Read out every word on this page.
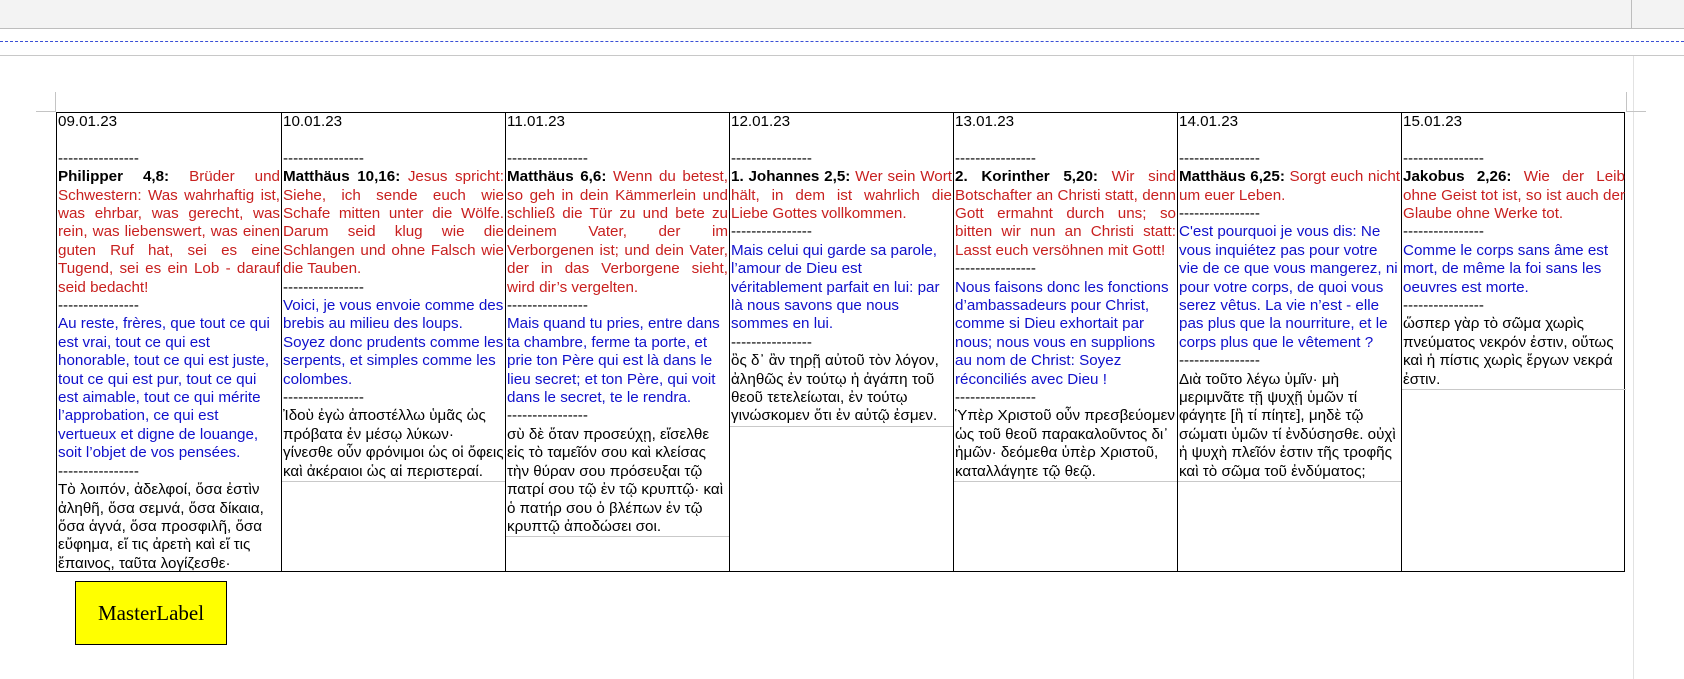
09.01.23
----------------
Philipper 4,8: Brüder und Schwestern: Was wahrhaftig ist, was ehrbar, was gerecht, was rein, was liebenswert, was einen guten Ruf hat, sei es eine Tugend, sei es ein Lob - darauf seid bedacht!
----------------
Au reste, frères, que tout ce qui est vrai, tout ce qui est honorable, tout ce qui est juste, tout ce qui est pur, tout ce qui est aimable, tout ce qui mérite l’approbation, ce qui est vertueux et digne de louange, soit l’objet de vos pensées.
----------------
Τὸ λοιπόν, ἀδελφοί, ὅσα ἐστὶν ἀληθῆ, ὅσα σεμνά, ὅσα δίκαια, ὅσα ἁγνά, ὅσα προσφιλῆ, ὅσα εὔφημα, εἴ τις ἀρετὴ καὶ εἴ τις ἔπαινος, ταῦτα λογίζεσθε·
10.01.23
----------------
Matthäus 10,16: Jesus spricht: Siehe, ich sende euch wie Schafe mitten unter die Wölfe. Darum seid klug wie die Schlangen und ohne Falsch wie die Tauben.
----------------
Voici, je vous envoie comme des brebis au milieu des loups. Soyez donc prudents comme les serpents, et simples comme les colombes.
----------------
Ἰδοὺ ἐγὼ ἀποστέλλω ὑμᾶς ὡς πρόβατα ἐν μέσῳ λύκων· γίνεσθε οὖν φρόνιμοι ὡς οἱ ὄφεις καὶ ἀκέραιοι ὡς αἱ περιστεραί.
11.01.23
----------------
Matthäus 6,6: Wenn du betest, so geh in dein Kämmerlein und schließ die Tür zu und bete zu deinem Vater, der im Verborgenen ist; und dein Vater, der in das Verborgene sieht, wird dir’s vergelten.
----------------
Mais quand tu pries, entre dans ta chambre, ferme ta porte, et prie ton Père qui est là dans le lieu secret; et ton Père, qui voit dans le secret, te le rendra.
----------------
σὺ δὲ ὅταν προσεύχῃ, εἴσελθε εἰς τὸ ταμεῖόν σου καὶ κλείσας τὴν θύραν σου πρόσευξαι τῷ πατρί σου τῷ ἐν τῷ κρυπτῷ· καὶ ὁ πατήρ σου ὁ βλέπων ἐν τῷ κρυπτῷ ἀποδώσει σοι.
12.01.23
----------------
1. Johannes 2,5: Wer sein Wort hält, in dem ist wahrlich die Liebe Gottes vollkommen.
----------------
Mais celui qui garde sa parole, l’amour de Dieu est véritablement parfait en lui: par là nous savons que nous sommes en lui.
----------------
ὃς δ᾽ ἂν τηρῇ αὐτοῦ τὸν λόγον, ἀληθῶς ἐν τούτῳ ἡ ἀγάπη τοῦ θεοῦ τετελείωται, ἐν τούτῳ γινώσκομεν ὅτι ἐν αὐτῷ ἐσμεν.
13.01.23
----------------
2. Korinther 5,20: Wir sind Botschafter an Christi statt, denn Gott ermahnt durch uns; so bitten wir nun an Christi statt: Lasst euch versöhnen mit Gott!
----------------
Nous faisons donc les fonctions d’ambassadeurs pour Christ, comme si Dieu exhortait par nous; nous vous en supplions au nom de Christ: Soyez réconciliés avec Dieu !
----------------
Ὑπὲρ Χριστοῦ οὖν πρεσβεύομεν ὡς τοῦ θεοῦ παρακαλοῦντος δι᾽ ἡμῶν· δεόμεθα ὑπὲρ Χριστοῦ, καταλλάγητε τῷ θεῷ.
14.01.23
----------------
Matthäus 6,25: Sorgt euch nicht um euer Leben.
----------------
C'est pourquoi je vous dis: Ne vous inquiétez pas pour votre vie de ce que vous mangerez, ni pour votre corps, de quoi vous serez vêtus. La vie n’est - elle pas plus que la nourriture, et le corps plus que le vêtement ?
----------------
Διὰ τοῦτο λέγω ὑμῖν· μὴ μεριμνᾶτε τῇ ψυχῇ ὑμῶν τί φάγητε [ἢ τί πίητε], μηδὲ τῷ σώματι ὑμῶν τί ἐνδύσησθε. οὐχὶ ἡ ψυχὴ πλεῖόν ἐστιν τῆς τροφῆς καὶ τὸ σῶμα τοῦ ἐνδύματος;
15.01.23
----------------
Jakobus 2,26: Wie der Leib ohne Geist tot ist, so ist auch der Glaube ohne Werke tot.
----------------
Comme le corps sans âme est mort, de même la foi sans les oeuvres est morte.
----------------
ὥσπερ γὰρ τὸ σῶμα χωρὶς πνεύματος νεκρόν ἐστιν, οὕτως καὶ ἡ πίστις χωρὶς ἔργων νεκρά ἐστιν.
MasterLabel
